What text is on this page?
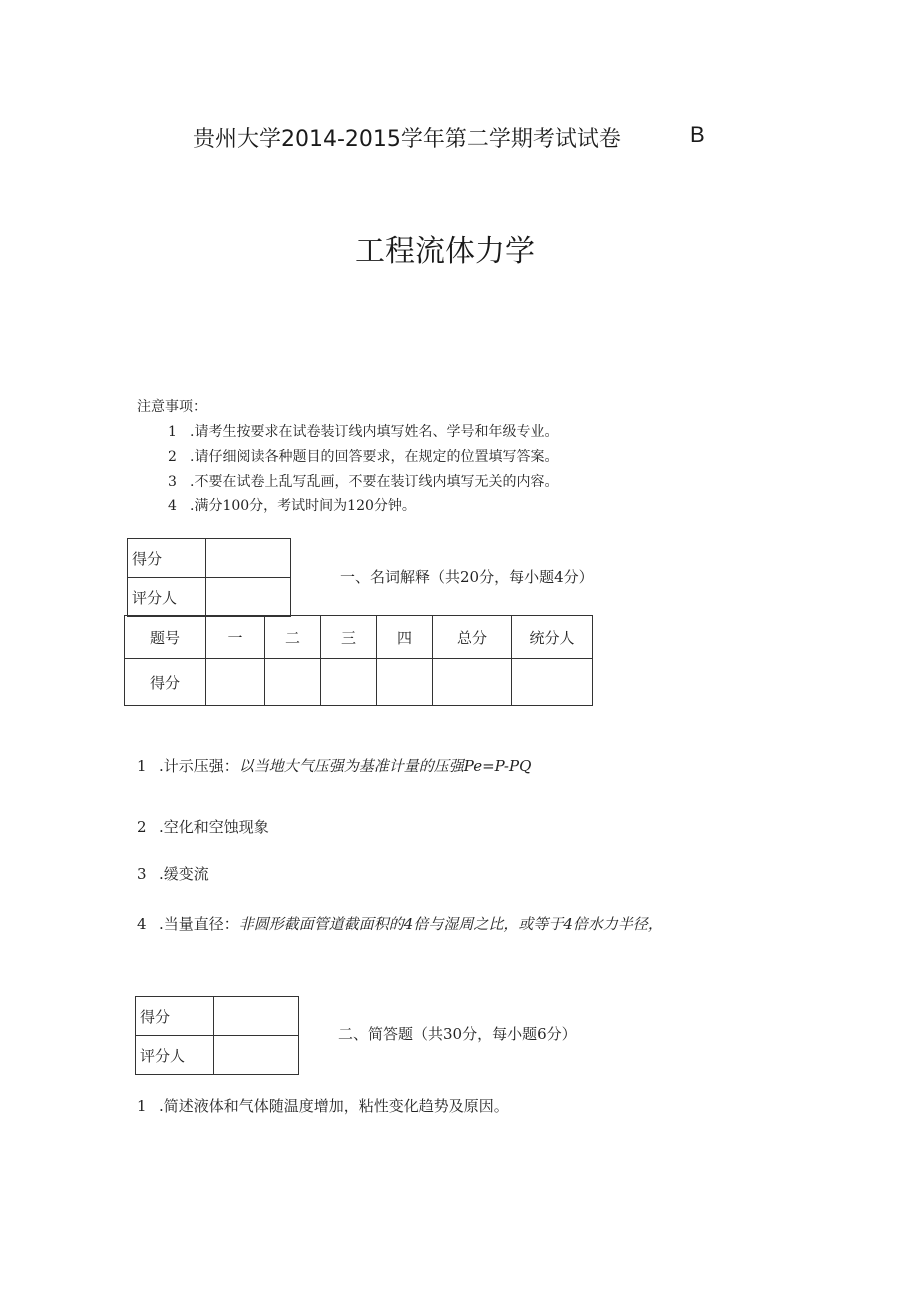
贵州大学2014-2015学年第二学期考试试卷	B
工程流体力学
注意事项：
1 .请考生按要求在试卷装订线内填写姓名、学号和年级专业。
2 .请仔细阅读各种题目的回答要求，在规定的位置填写答案。
3 .不要在试卷上乱写乱画，不要在装订线内填写无关的内容。
4 .满分100分，考试时间为120分钟。
得分	
评分人	
一、名词解释（共20分，每小题4分）
题号	一	二	三	四	总分	统分人
得分						
1 .计示压强：以当地大气压强为基准计量的压强Pe=P-PQ
2 .空化和空蚀现象
3 .缓变流
4 .当量直径：非圆形截面管道截面积的4倍与湿周之比，或等于4倍水力半径，
得分	
评分人	
二、简答题（共30分，每小题6分）
1 .简述液体和气体随温度增加，粘性变化趋势及原因。
